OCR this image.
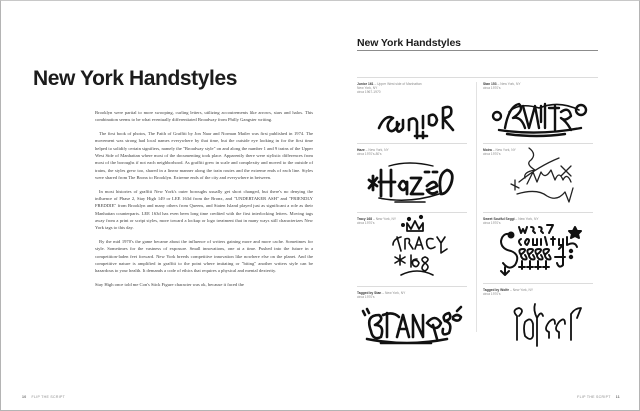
New York Handstyles

Brooklyn were partial to more swooping, curling letters, utilizing accoutrements like arrows, stars and halos. This combination seems to be what eventually differentiated Broadway from Philly Gangster writing.

The first book of photos, The Faith of Graffiti by Jon Naar and Norman Mailer was first published in 1974. The movement was strong had local names everywhere by that time, but the outside eye looking in for the first time helped to solidify certain signifiers, namely the "Broadway style" on and along the number 1 and 9 trains of the Upper West Side of Manhattan where most of the documenting took place. Apparently there were stylistic differences from most of the boroughs if not each neighborhood. As graffiti grew in scale and complexity and moved to the outside of trains, the styles grew too, shared in a linear manner along the train routes and the extreme ends of each line. Styles were shared from The Bronx to Brooklyn. Extreme ends of the city and everywhere in between.

In most histories of graffiti New York's outer boroughs usually get short changed, but there's no denying the influence of Phase 2, Stay High 149 or LEE 163d from the Bronx, and "UNDERTAKER ASH" and "FRIENDLY FREDDIE" from Brooklyn and many others from Queens, and Staten Island played just as significant a role as their Manhattan counterparts. LEE 163d has even been long time credited with the first interlocking letters. Moving tags away from a print or script styles, more toward a lockup or logo treatment that in many ways still characterizes New York tags to this day.

By the mid 1970's the game became about the influence of writers gaining more and more cache. Sometimes for style. Sometimes for the vastness of exposure. Small innovations, one at a time. Pushed into the future in a competition-laden feet forward. New York breeds competitive innovation like nowhere else on the planet. And the competitive nature is amplified in graffiti to the point where imitating or "biting" another writers style can be hazardous to your health. It demands a code of ethics that requires a physical and mental dexterity.

Stay High once told me Con's Stick Figure character was ok, because it faced the

10 FLIP THE SCRIPT
New York Handstyles
Junior 161 – Upper West side of Manhattan
New York, NY
circa 1967-1970
Stan 153 – New York, NY
circa 1970's
Haze – New York, NY
circa 1970's-80's
Moira – New York, NY
circa 1970's
Tracy 168 – New York, NY
circa 1970's
Sweet Soulful Seggi – New York, NY
circa 1970's
Tagged by Stan – New York, NY
circa 1970's
Tagged by Wolfe – New York, NY
circa 1970's
FLIP THE SCRIPT 11
